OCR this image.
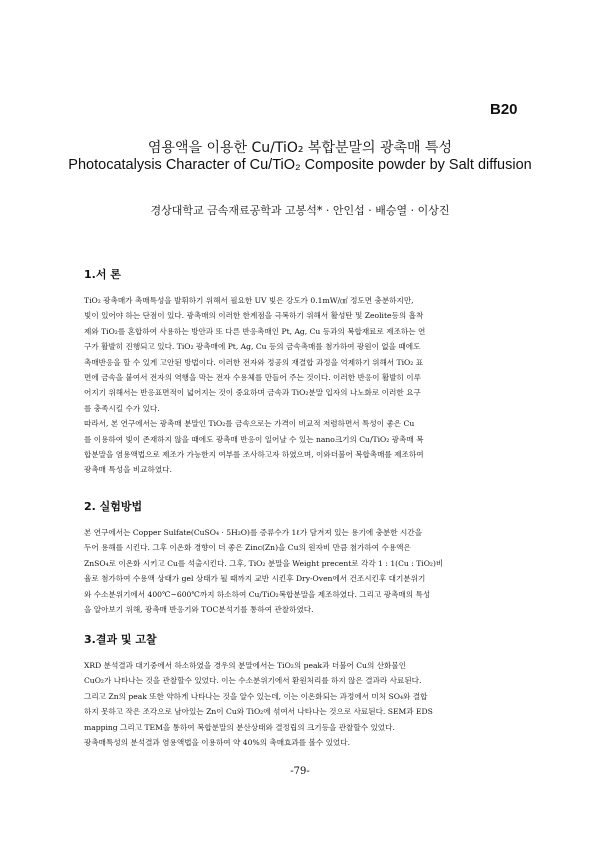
B20
염용액을 이용한 Cu/TiO₂ 복합분말의 광촉매 특성
Photocatalysis Character of Cu/TiO₂ Composite powder by Salt diffusion
경상대학교 금속재료공학과 고봉석* · 안인섭 · 배승열 · 이상진
1.서 론
TiO₂ 광촉매가 촉매특성을 발휘하기 위해서 필요한 UV 빛은 강도가 0.1mW/㎠ 정도면 충분하지만,
빛이 있어야 하는 단점이 있다. 광촉매의 이러한 한계점을 극복하기 위해서 활성탄 및 Zeolite등의 흡착
제와 TiO₂를 혼합하여 사용하는 방안과 또 다른 반응촉매인 Pt, Ag, Cu 등과의 복합재료로 제조하는 연
구가 활발히 진행되고 있다. TiO₂ 광촉매에 Pt, Ag, Cu 등의 금속촉매를 첨가하여 광원이 없을 때에도
촉매반응을 할 수 있게 고안된 방법이다. 이러한 전자와 정공의 재결합 과정을 억제하기 위해서 TiO₂ 표
면에 금속을 붙여서 전자의 역행을 막는 전자 수용체를 만들어 주는 것이다. 이러한 반응이 활발히 이루
어지기 위해서는 반응표면적이 넓어지는 것이 중요하며 금속과 TiO₂분말 입자의 나노화로 이러한 요구
를 충족시킬 수가 있다.
따라서, 본 연구에서는 광촉매 분말인 TiO₂를 금속으로는 가격이 비교적 저렴하면서 특성이 좋은 Cu
를 이용하여 빛이 존재하지 않을 때에도 광촉매 반응이 일어날 수 있는 nano크기의 Cu/TiO₂ 광촉매 복
합분말을 염용액법으로 제조가 가능한지 여부를 조사하고자 하였으며, 이와더불어 복합촉매를 제조하여
광촉매 특성을 비교하였다.
2. 실험방법
본 연구에서는 Copper Sulfate(CuSO₄ · 5H₂O)를 증류수가 1ℓ가 담겨져 있는 용기에 충분한 시간을
두어 용해를 시킨다. 그후 이온화 경향이 더 좋은 Zinc(Zn)을 Cu의 원자비 만큼 첨가하여 수용액은
ZnSO₄로 이온화 시키고 Cu를 석출시킨다. 그후, TiO₂ 분말을 Weight precent로 각각 1 : 1(Cu : TiO₂)비
율로 첨가하여 수용액 상태가 gel 상태가 될 때까지 교반 시킨후 Dry-Oven에서 건조시킨후 대기분위기
와 수소분위기에서 400℃~600℃까지 하소하여 Cu/TiO₂복합분말을 제조하였다. 그리고 광촉매의 특성
을 알아보기 위해, 광촉매 반응기와 TOC분석기를 통하여 관찰하였다.
3.결과 및 고찰
XRD 분석결과 대기중에서 하소하였을 경우의 분말에서는 TiO₂의 peak과 더불어 Cu의 산화물인
CuO₂가 나타나는 것을 관찰할수 있었다. 이는 수소분위기에서 환원처리를 하지 않은 결과라 사료된다.
그리고 Zn의 peak 또한 약하게 나타나는 것을 알수 있는데, 이는 이온화되는 과정에서 미처 SO₄와 결합
하지 못하고 작은 조각으로 남아있는 Zn이 Cu와 TiO₂에 섞여서 나타나는 것으로 사료된다. SEM과 EDS
mapping 그리고 TEM을 통하여 복합분말의 분산상태와 결정립의 크기등을 관찰할수 있었다.
광촉매특성의 분석결과 염용액법을 이용하여 약 40%의 촉매효과를 볼수 있었다.
-79-
